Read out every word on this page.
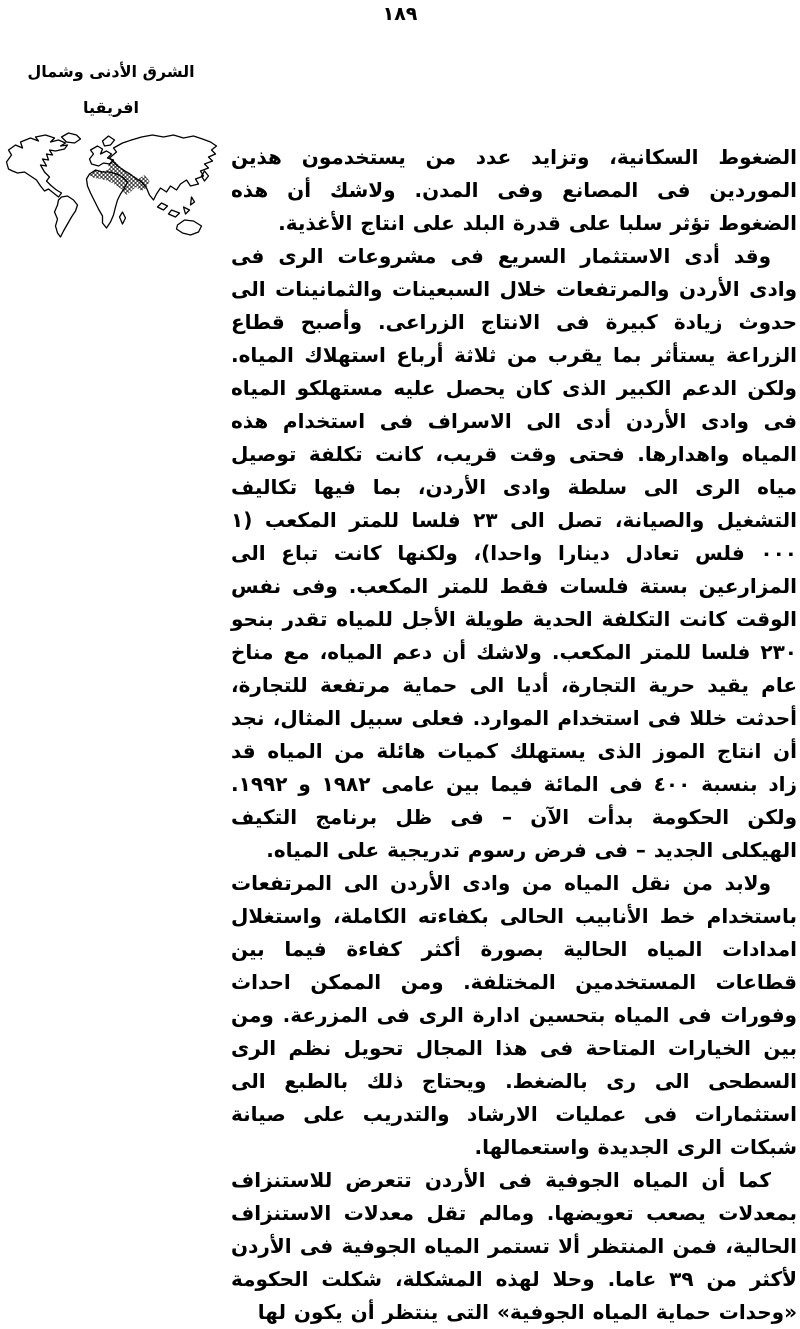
١٨٩
الشرق الأدنى وشمال
افريقيا

الضغوط السكانية، وتزايد عدد من يستخدمون هذين الموردين فى المصانع وفى المدن. ولاشك أن هذه الضغوط تؤثر سلبا على قدرة البلد على انتاج الأغذية.

وقد أدى الاستثمار السريع فى مشروعات الرى فى وادى الأردن والمرتفعات خلال السبعينات والثمانينات الى حدوث زيادة كبيرة فى الانتاج الزراعى. وأصبح قطاع الزراعة يستأثر بما يقرب من ثلاثة أرباع استهلاك المياه. ولكن الدعم الكبير الذى كان يحصل عليه مستهلكو المياه فى وادى الأردن أدى الى الاسراف فى استخدام هذه المياه واهدارها. فحتى وقت قريب، كانت تكلفة توصيل مياه الرى الى سلطة وادى الأردن، بما فيها تكاليف التشغيل والصيانة، تصل الى ٢٣ فلسا للمتر المكعب (١ ٠٠٠ فلس تعادل دينارا واحدا)، ولكنها كانت تباع الى المزارعين بستة فلسات فقط للمتر المكعب. وفى نفس الوقت كانت التكلفة الحدية طويلة الأجل للمياه تقدر بنحو ٢٣٠ فلسا للمتر المكعب. ولاشك أن دعم المياه، مع مناخ عام يقيد حرية التجارة، أديا الى حماية مرتفعة للتجارة، أحدثت خللا فى استخدام الموارد. فعلى سبيل المثال، نجد أن انتاج الموز الذى يستهلك كميات هائلة من المياه قد زاد بنسبة ٤٠٠ فى المائة فيما بين عامى ١٩٨٢ و ١٩٩٢. ولكن الحكومة بدأت الآن – فى ظل برنامج التكيف الهيكلى الجديد – فى فرض رسوم تدريجية على المياه.

ولابد من نقل المياه من وادى الأردن الى المرتفعات باستخدام خط الأنابيب الحالى بكفاءته الكاملة، واستغلال امدادات المياه الحالية بصورة أكثر كفاءة فيما بين قطاعات المستخدمين المختلفة. ومن الممكن احداث وفورات فى المياه بتحسين ادارة الرى فى المزرعة. ومن بين الخيارات المتاحة فى هذا المجال تحويل نظم الرى السطحى الى رى بالضغط. ويحتاج ذلك بالطبع الى استثمارات فى عمليات الارشاد والتدريب على صيانة شبكات الرى الجديدة واستعمالها.

كما أن المياه الجوفية فى الأردن تتعرض للاستنزاف بمعدلات يصعب تعويضها. ومالم تقل معدلات الاستنزاف الحالية، فمن المنتظر ألا تستمر المياه الجوفية فى الأردن لأكثر من ٣٩ عاما. وحلا لهذه المشكلة، شكلت الحكومة «وحدات حماية المياه الجوفية» التى ينتظر أن يكون لها
